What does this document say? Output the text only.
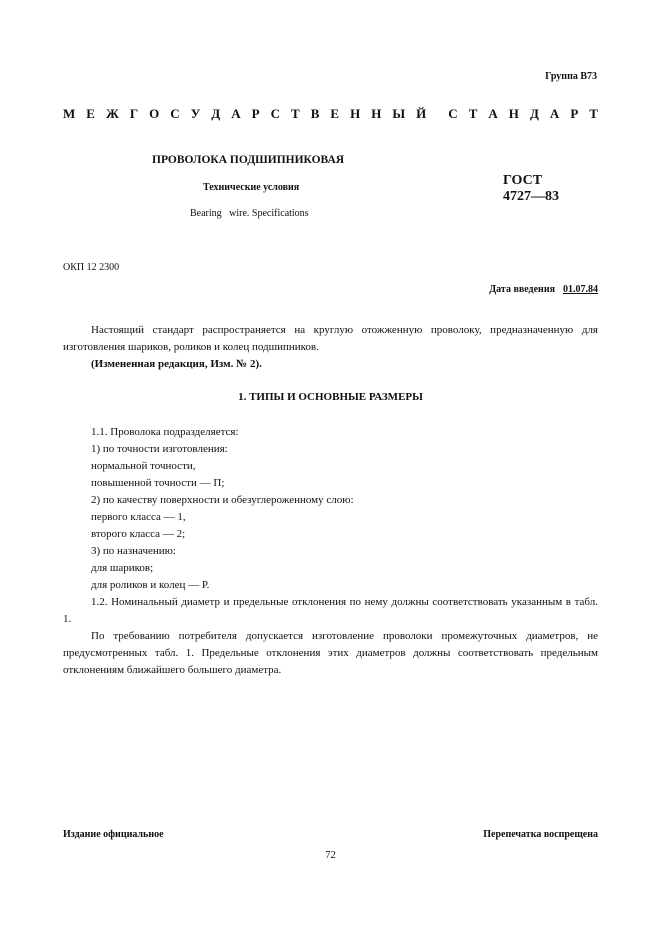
Группа В73
М Е Ж Г О С У Д А Р С Т В Е Н Н Ы Й С Т А Н Д А Р Т
ПРОВОЛОКА ПОДШИПНИКОВАЯ
Технические условия
Bearing   wire. Specifications
ГОСТ
4727—83
ОКП 12 2300
Дата введения 01.07.84

Настоящий стандарт распространяется на круглую отожженную проволоку, предназначенную для изготовления шариков, роликов и колец подшипников.

(Измененная редакция, Изм. № 2).

1. ТИПЫ И ОСНОВНЫЕ РАЗМЕРЫ

1.1. Проволока подразделяется:

1) по точности изготовления:

нормальной точности,

повышенной точности — П;

2) по качеству поверхности и обезуглероженному слою:

первого класса — 1,

второго класса — 2;

3) по назначению:

для шариков;

для роликов и колец — Р.

1.2. Номинальный диаметр и предельные отклонения по нему должны соответствовать указанным в табл. 1.

По требованию потребителя допускается изготовление проволоки промежуточных диаметров, не предусмотренных табл. 1. Предельные отклонения этих диаметров должны соответствовать предельным отклонениям ближайшего большего диаметра.

Издание официальное	Перепечатка воспрещена
72
